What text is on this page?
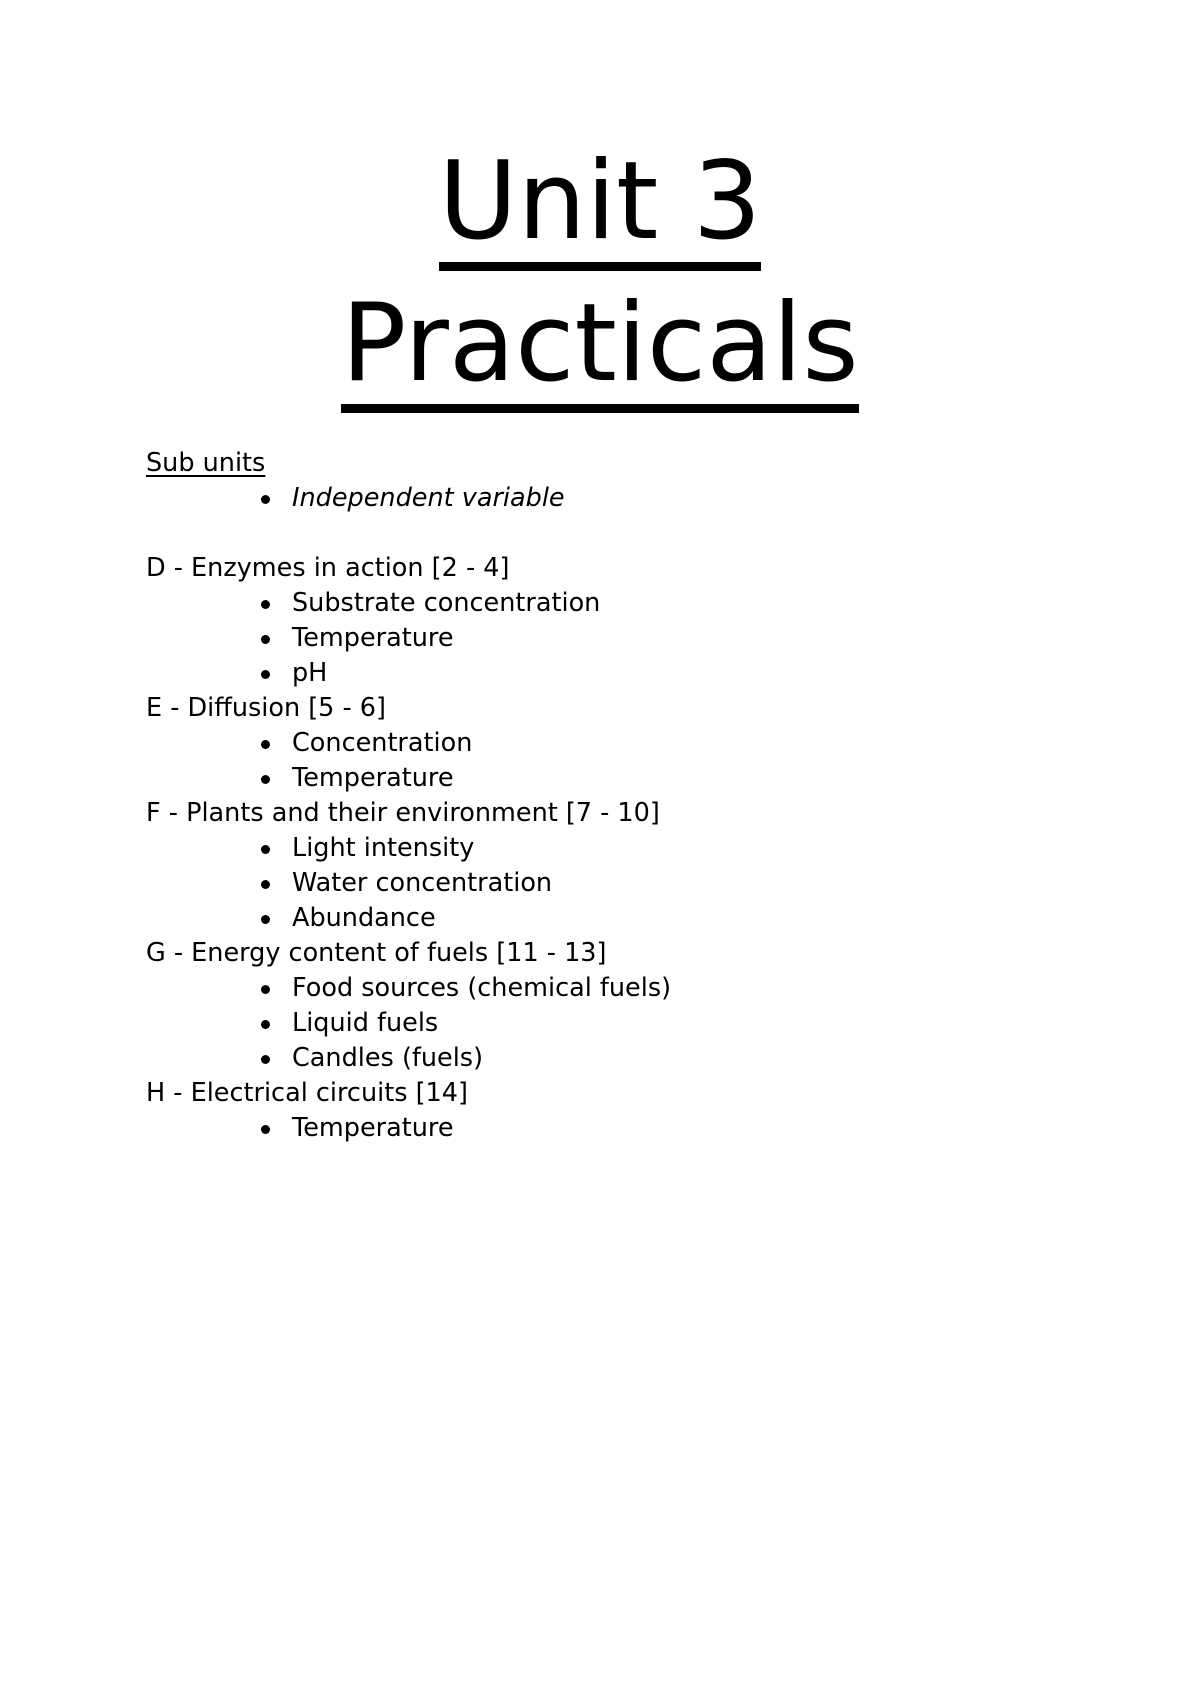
Unit 3
Practicals
Sub units
Independent variable
D - Enzymes in action [2 - 4]
Substrate concentration
Temperature
pH
E - Diffusion [5 - 6]
Concentration
Temperature
F - Plants and their environment [7 - 10]
Light intensity
Water concentration
Abundance
G - Energy content of fuels [11 - 13]
Food sources (chemical fuels)
Liquid fuels
Candles (fuels)
H - Electrical circuits [14]
Temperature
